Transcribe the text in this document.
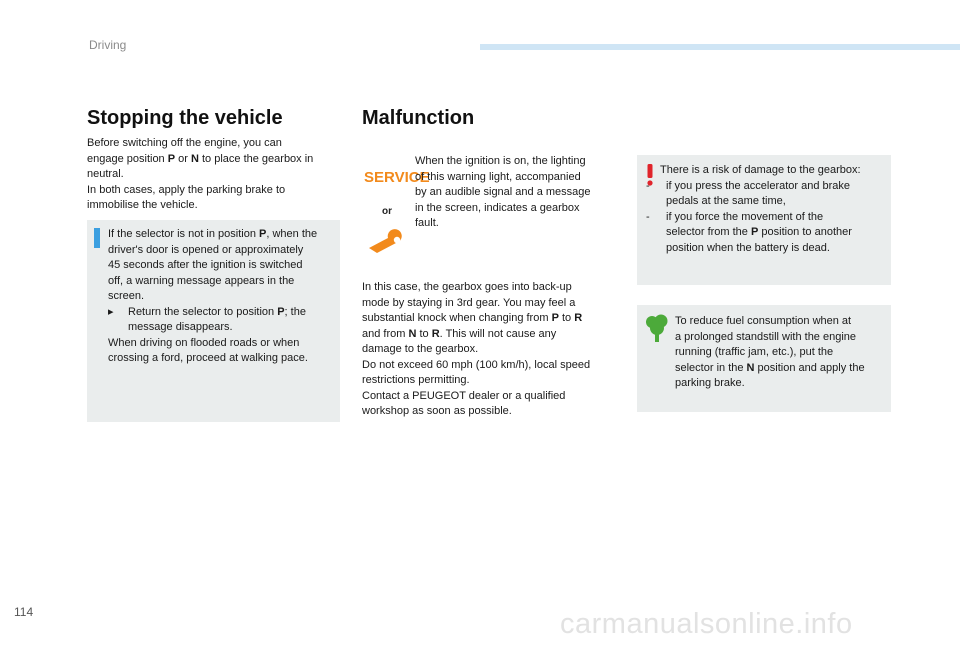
Driving
Stopping the vehicle

Before switching off the engine, you can

engage position P or N to place the gearbox in

neutral.

In both cases, apply the parking brake to

immobilise the vehicle.

If the selector is not in position P, when the

driver's door is opened or approximately

45 seconds after the ignition is switched

off, a warning message appears in the

screen.

▸	Return the selector to position P; the
message disappears.

When driving on flooded roads or when

crossing a ford, proceed at walking pace.

Malfunction
SERVICE
or

When the ignition is on, the lighting

of this warning light, accompanied

by an audible signal and a message

in the screen, indicates a gearbox

fault.

In this case, the gearbox goes into back-up

mode by staying in 3rd gear. You may feel a

substantial knock when changing from P to R

and from N to R. This will not cause any

damage to the gearbox.

Do not exceed 60 mph (100 km/h), local speed

restrictions permitting.

Contact a PEUGEOT dealer or a qualified

workshop as soon as possible.

There is a risk of damage to the gearbox:

-	if you press the accelerator and brake
pedals at the same time,
-	if you force the movement of the
selector from the P position to another
position when the battery is dead.

To reduce fuel consumption when at

a prolonged standstill with the engine

running (traffic jam, etc.), put the

selector in the N position and apply the

parking brake.

114	carmanualsonline.info
